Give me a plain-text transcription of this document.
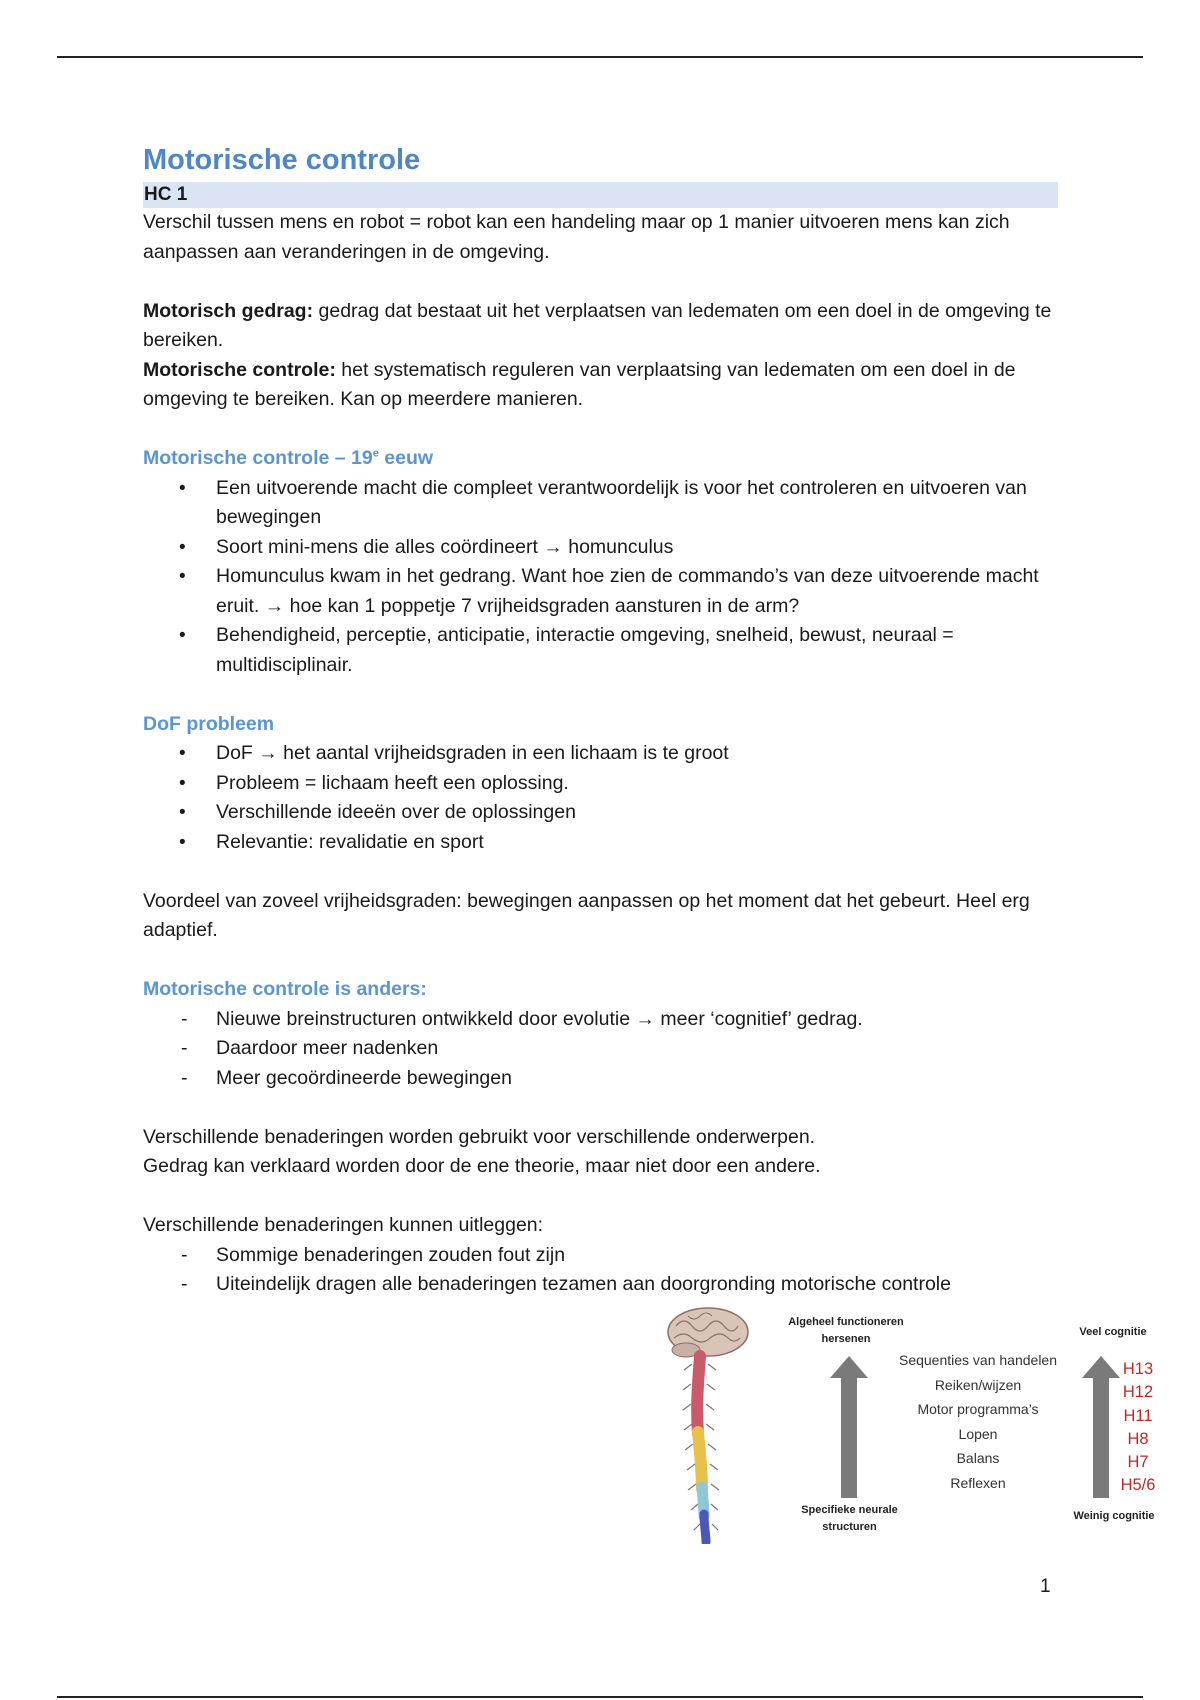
Motorische controle
HC 1

Verschil tussen mens en robot = robot kan een handeling maar op 1 manier uitvoeren mens kan zich aanpassen aan veranderingen in de omgeving.

Motorisch gedrag: gedrag dat bestaat uit het verplaatsen van ledematen om een doel in de omgeving te bereiken.

Motorische controle: het systematisch reguleren van verplaatsing van ledematen om een doel in de omgeving te bereiken. Kan op meerdere manieren.

Motorische controle – 19e eeuw
• Een uitvoerende macht die compleet verantwoordelijk is voor het controleren en uitvoeren van bewegingen
• Soort mini-mens die alles coördineert → homunculus
• Homunculus kwam in het gedrang. Want hoe zien de commando’s van deze uitvoerende macht eruit. → hoe kan 1 poppetje 7 vrijheidsgraden aansturen in de arm?
• Behendigheid, perceptie, anticipatie, interactie omgeving, snelheid, bewust, neuraal = multidisciplinair.
DoF probleem
• DoF → het aantal vrijheidsgraden in een lichaam is te groot
• Probleem = lichaam heeft een oplossing.
• Verschillende ideeën over de oplossingen
• Relevantie: revalidatie en sport

Voordeel van zoveel vrijheidsgraden: bewegingen aanpassen op het moment dat het gebeurt. Heel erg adaptief.

Motorische controle is anders:
- Nieuwe breinstructuren ontwikkeld door evolutie → meer ‘cognitief’ gedrag.
- Daardoor meer nadenken
- Meer gecoördineerde bewegingen

Verschillende benaderingen worden gebruikt voor verschillende onderwerpen.

Gedrag kan verklaard worden door de ene theorie, maar niet door een andere.

Verschillende benaderingen kunnen uitleggen:

- Sommige benaderingen zouden fout zijn
- Uiteindelijk dragen alle benaderingen tezamen aan doorgronding motorische controle
Algeheel functioneren hersenen
Specifieke neurale structuren
Veel cognitie
Weinig cognitie
Sequenties van handelen
Reiken/wijzen
Motor programma’s
Lopen
Balans
Reflexen
H13
H12
H11
H8
H7
H5/6
1
